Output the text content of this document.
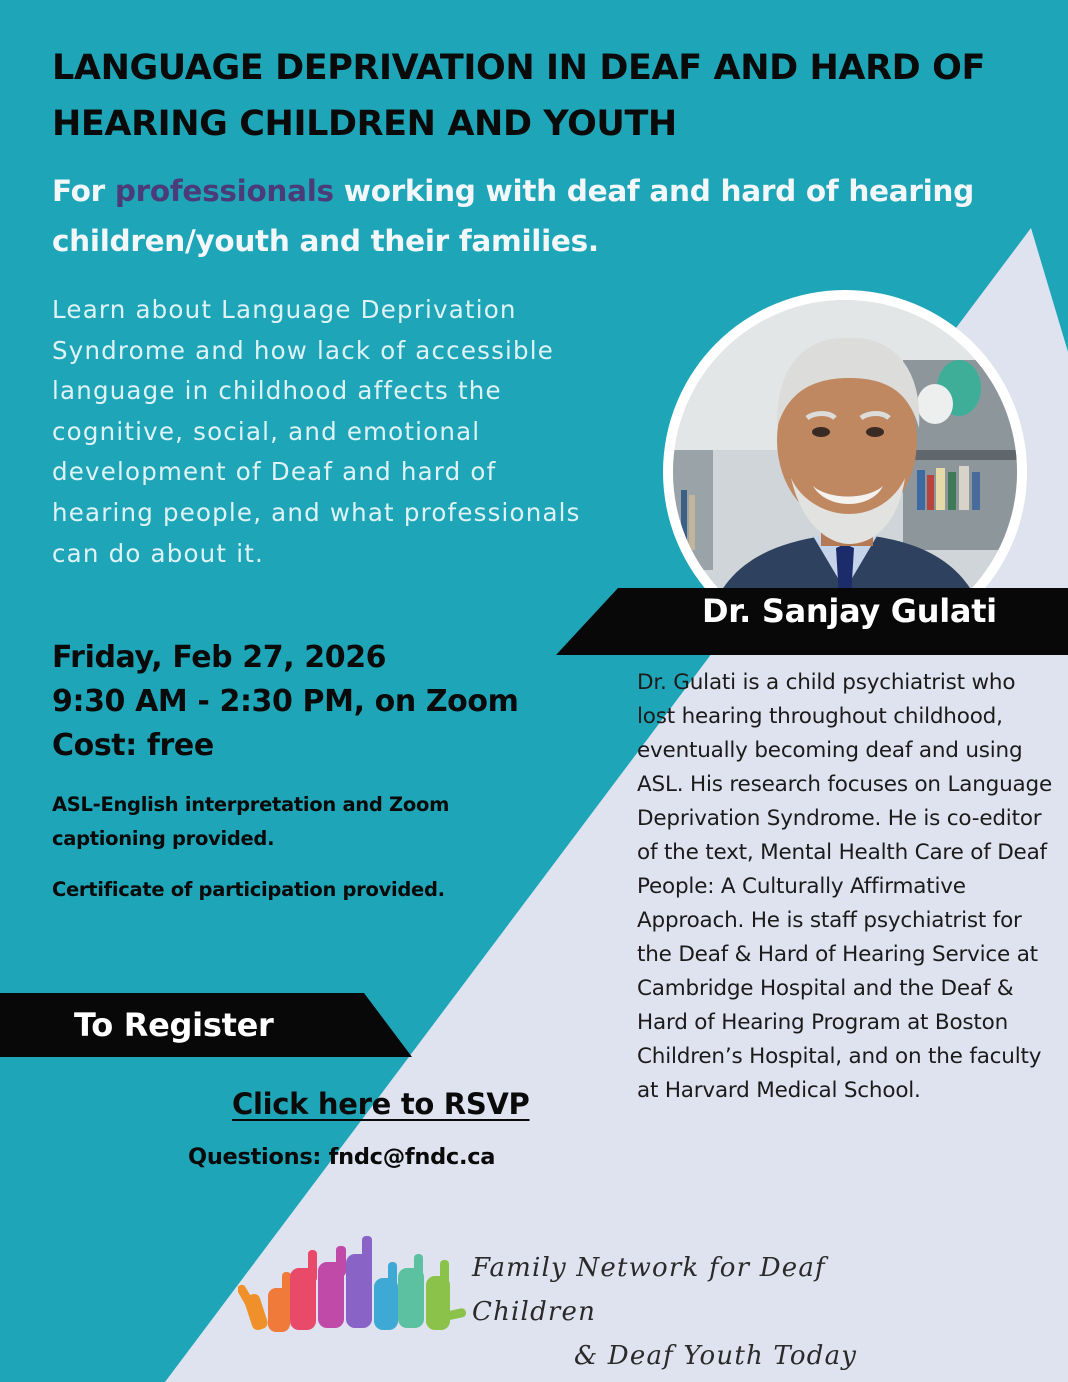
LANGUAGE DEPRIVATION IN DEAF AND HARD OF HEARING CHILDREN AND YOUTH

For professionals working with deaf and hard of hearing children/youth and their families.

Learn about Language Deprivation Syndrome and how lack of accessible language in childhood affects the cognitive, social, and emotional development of Deaf and hard of hearing people, and what professionals can do about it.

Friday, Feb 27, 2026
9:30 AM - 2:30 PM, on Zoom
Cost: free

ASL-English interpretation and Zoom captioning provided.

Certificate of participation provided.

To Register
Click here to RSVP
Questions: fndc@fndc.ca
Dr. Sanjay Gulati

Dr. Gulati is a child psychiatrist who lost hearing throughout childhood, eventually becoming deaf and using ASL. His research focuses on Language Deprivation Syndrome. He is co-editor of the text, Mental Health Care of Deaf People: A Culturally Affirmative Approach. He is staff psychiatrist for the Deaf & Hard of Hearing Service at Cambridge Hospital and the Deaf & Hard of Hearing Program at Boston Children’s Hospital, and on the faculty at Harvard Medical School.

Family Network for Deaf Children
& Deaf Youth Today
